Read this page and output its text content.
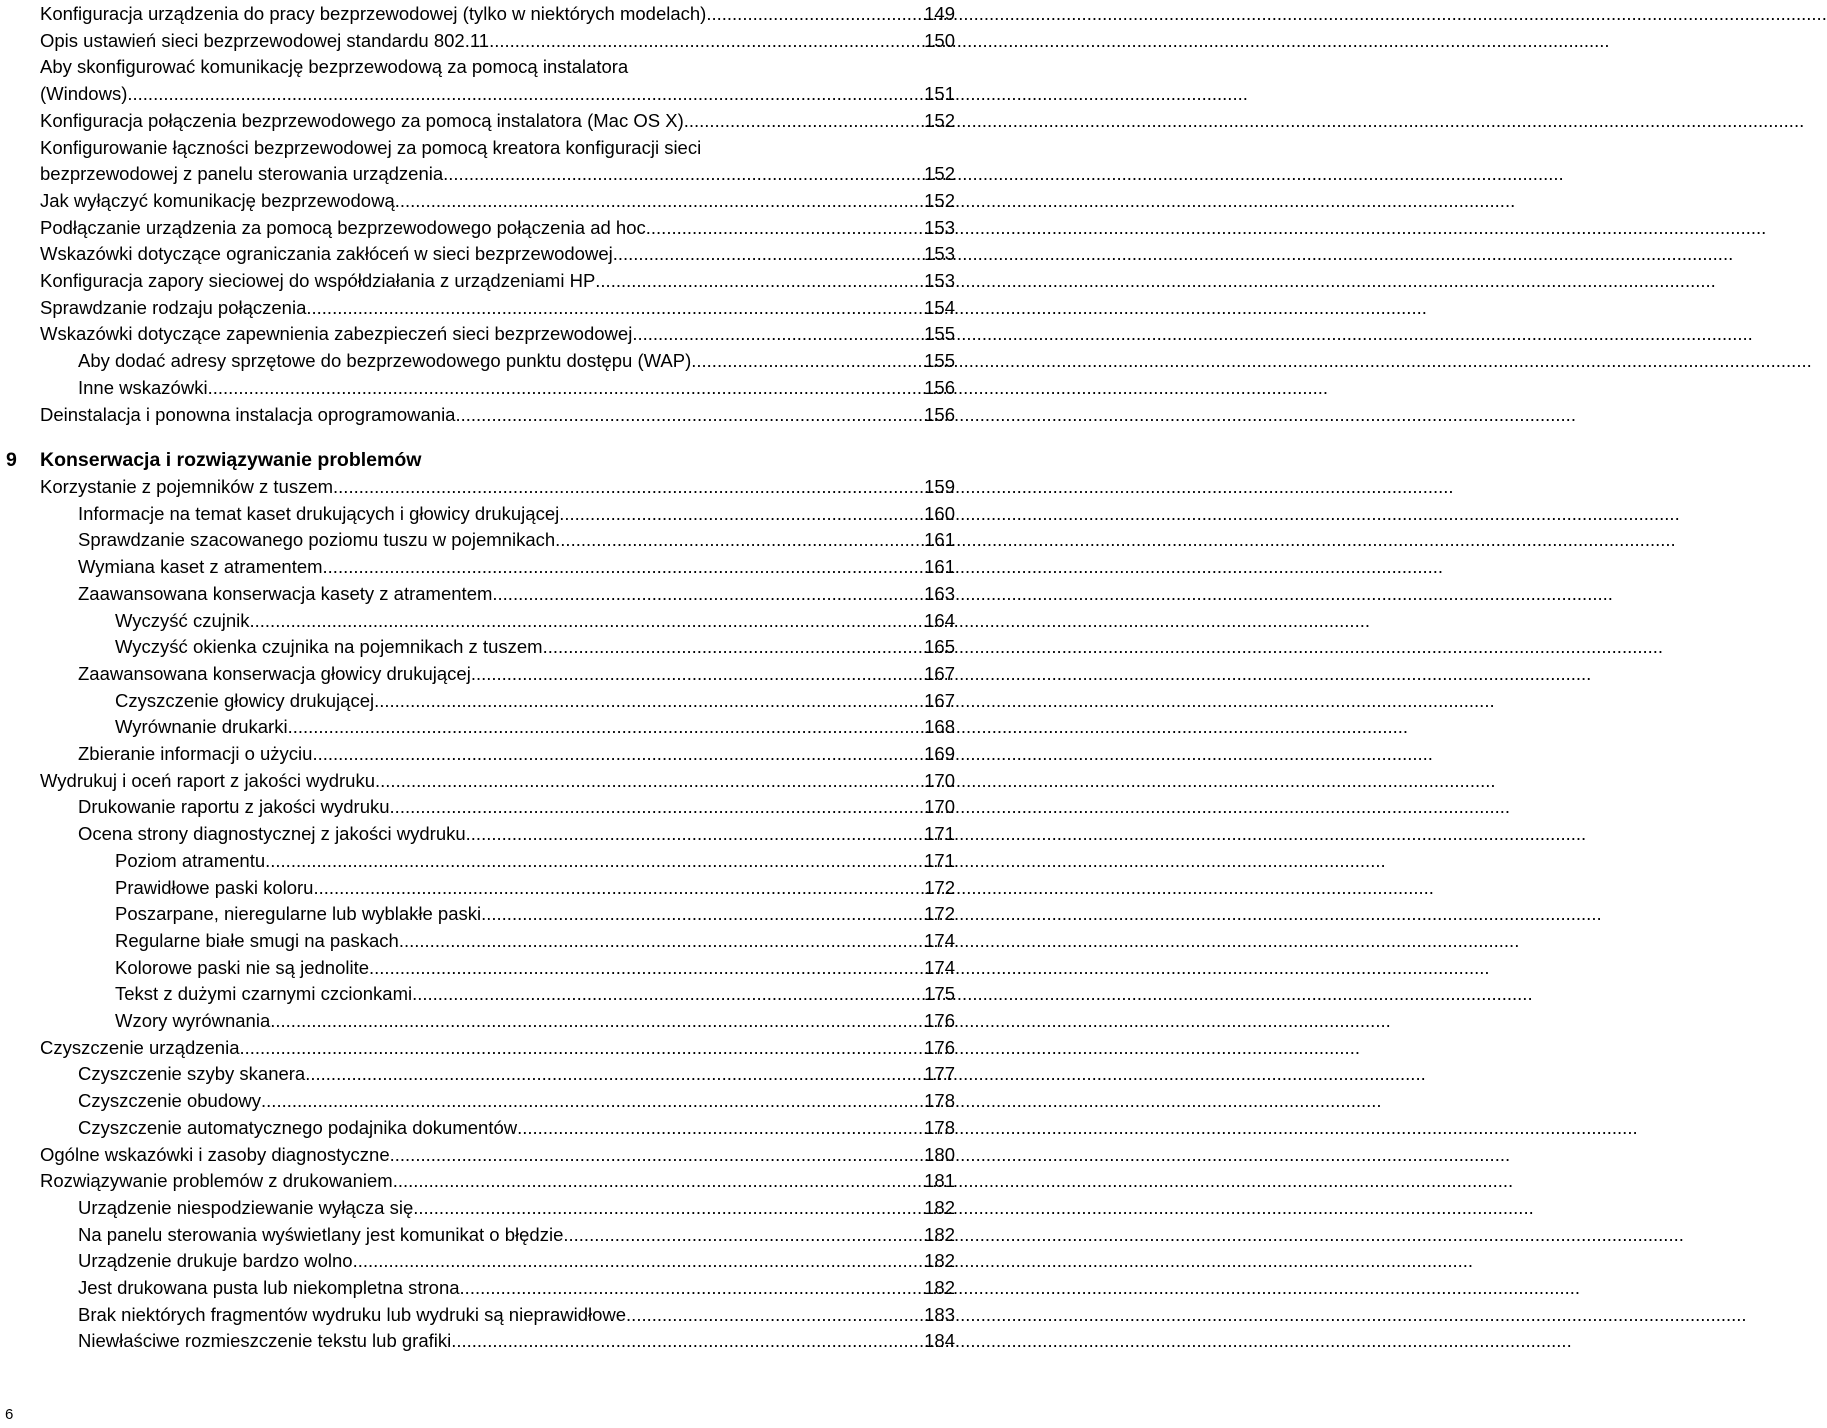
Konfiguracja urządzenia do pracy bezprzewodowej (tylko w niektórych modelach) .....	149
Opis ustawień sieci bezprzewodowej standardu 802.11 .....	150
Aby skonfigurować komunikację bezprzewodową za pomocą instalatora
(Windows) .....	151
Konfiguracja połączenia bezprzewodowego za pomocą instalatora (Mac OS X) .....	152
Konfigurowanie łączności bezprzewodowej za pomocą kreatora konfiguracji sieci
bezprzewodowej z panelu sterowania urządzenia .....	152
Jak wyłączyć komunikację bezprzewodową .....	152
Podłączanie urządzenia za pomocą bezprzewodowego połączenia ad hoc .....	153
Wskazówki dotyczące ograniczania zakłóceń w sieci bezprzewodowej .....	153
Konfiguracja zapory sieciowej do współdziałania z urządzeniami HP .....	153
Sprawdzanie rodzaju połączenia .....	154
Wskazówki dotyczące zapewnienia zabezpieczeń sieci bezprzewodowej .....	155
Aby dodać adresy sprzętowe do bezprzewodowego punktu dostępu (WAP) .....	155
Inne wskazówki .....	156
Deinstalacja i ponowna instalacja oprogramowania .....	156
9 Konserwacja i rozwiązywanie problemów
Korzystanie z pojemników z tuszem .....	159
Informacje na temat kaset drukujących i głowicy drukującej .....	160
Sprawdzanie szacowanego poziomu tuszu w pojemnikach .....	161
Wymiana kaset z atramentem .....	161
Zaawansowana konserwacja kasety z atramentem .....	163
Wyczyść czujnik .....	164
Wyczyść okienka czujnika na pojemnikach z tuszem .....	165
Zaawansowana konserwacja głowicy drukującej .....	167
Czyszczenie głowicy drukującej .....	167
Wyrównanie drukarki .....	168
Zbieranie informacji o użyciu .....	169
Wydrukuj i oceń raport z jakości wydruku .....	170
Drukowanie raportu z jakości wydruku .....	170
Ocena strony diagnostycznej z jakości wydruku .....	171
Poziom atramentu .....	171
Prawidłowe paski koloru .....	172
Poszarpane, nieregularne lub wyblakłe paski .....	172
Regularne białe smugi na paskach .....	174
Kolorowe paski nie są jednolite .....	174
Tekst z dużymi czarnymi czcionkami .....	175
Wzory wyrównania .....	176
Czyszczenie urządzenia .....	176
Czyszczenie szyby skanera .....	177
Czyszczenie obudowy .....	178
Czyszczenie automatycznego podajnika dokumentów .....	178
Ogólne wskazówki i zasoby diagnostyczne .....	180
Rozwiązywanie problemów z drukowaniem .....	181
Urządzenie niespodziewanie wyłącza się .....	182
Na panelu sterowania wyświetlany jest komunikat o błędzie .....	182
Urządzenie drukuje bardzo wolno .....	182
Jest drukowana pusta lub niekompletna strona .....	182
Brak niektórych fragmentów wydruku lub wydruki są nieprawidłowe .....	183
Niewłaściwe rozmieszczenie tekstu lub grafiki .....	184
6
